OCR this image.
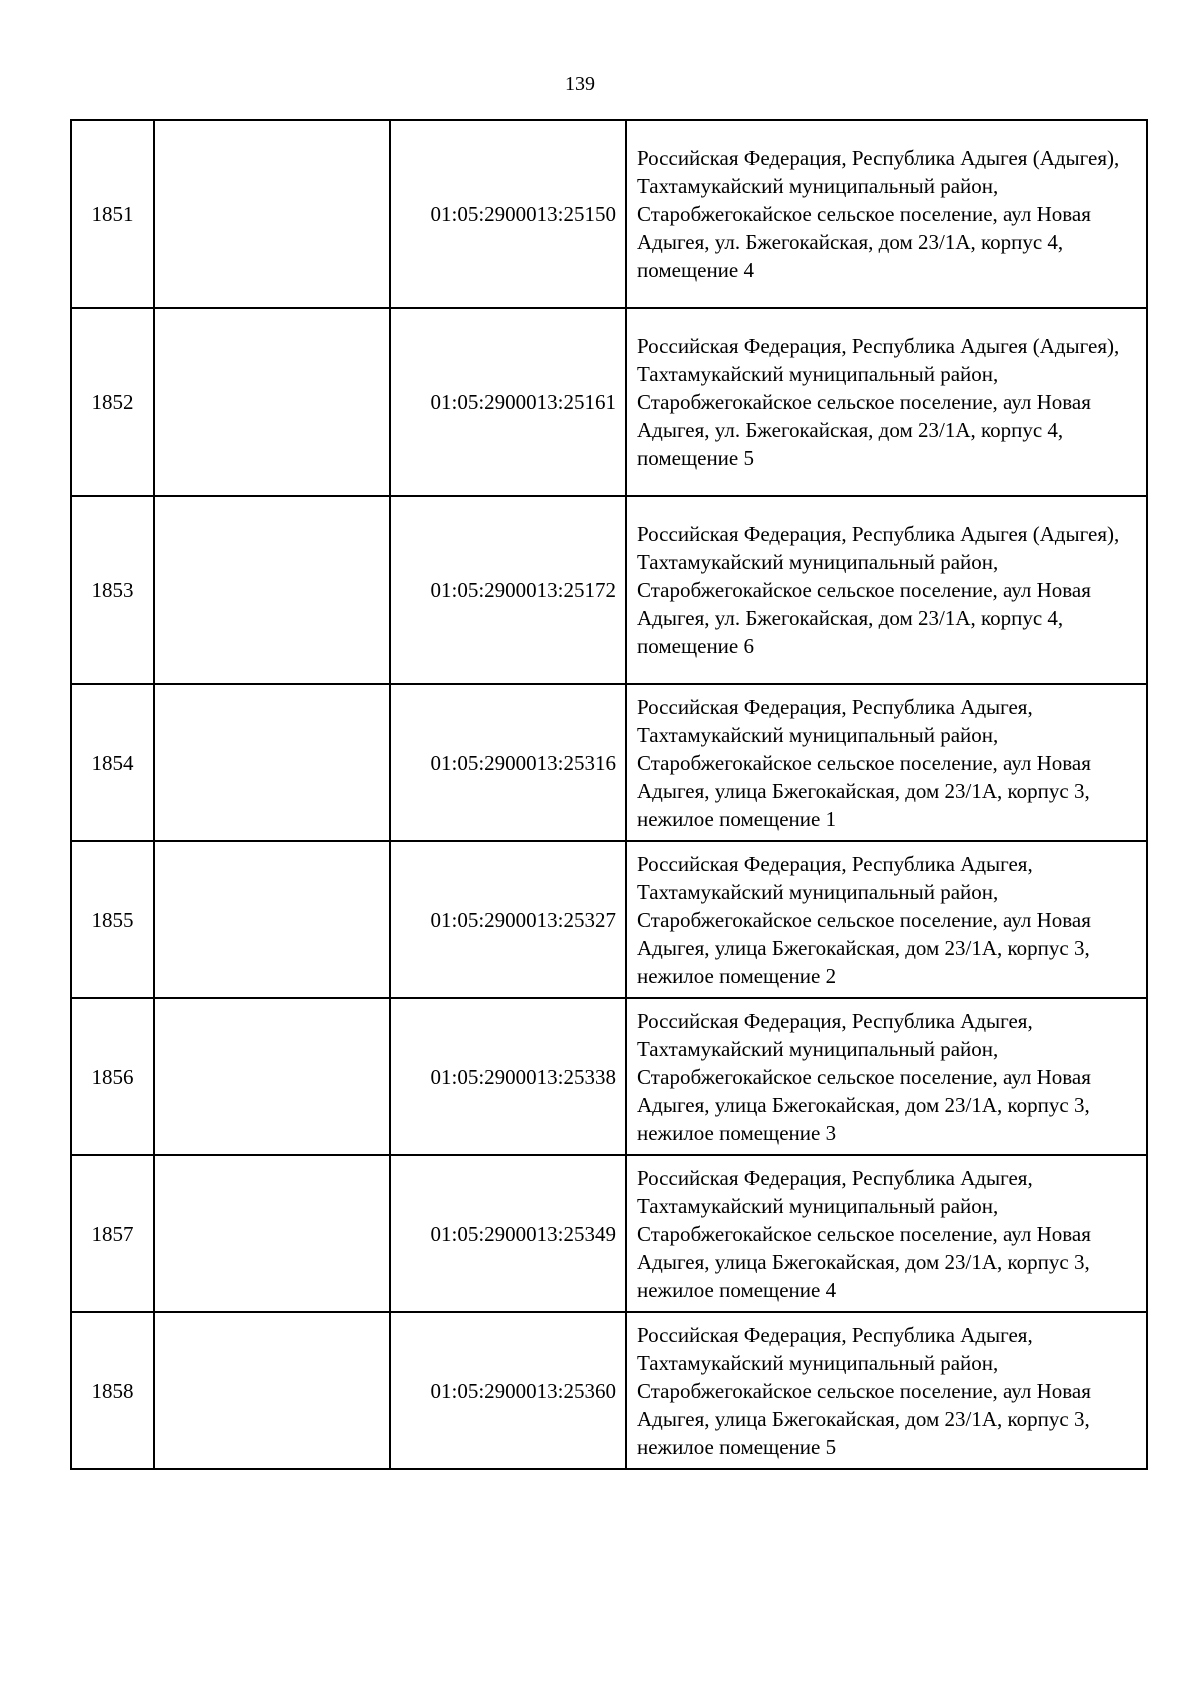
139
1851		01:05:2900013:25150	Российская Федерация, Республика Адыгея (Адыгея), Тахтамукайский муниципальный район, Старобжегокайское сельское поселение, аул Новая Адыгея, ул. Бжегокайская, дом 23/1А, корпус 4, помещение 4
1852		01:05:2900013:25161	Российская Федерация, Республика Адыгея (Адыгея), Тахтамукайский муниципальный район, Старобжегокайское сельское поселение, аул Новая Адыгея, ул. Бжегокайская, дом 23/1А, корпус 4, помещение 5
1853		01:05:2900013:25172	Российская Федерация, Республика Адыгея (Адыгея), Тахтамукайский муниципальный район, Старобжегокайское сельское поселение, аул Новая Адыгея, ул. Бжегокайская, дом 23/1А, корпус 4, помещение 6
1854		01:05:2900013:25316	Российская Федерация, Республика Адыгея, Тахтамукайский муниципальный район, Старобжегокайское сельское поселение, аул Новая Адыгея, улица Бжегокайская, дом 23/1А, корпус 3, нежилое помещение 1
1855		01:05:2900013:25327	Российская Федерация, Республика Адыгея, Тахтамукайский муниципальный район, Старобжегокайское сельское поселение, аул Новая Адыгея, улица Бжегокайская, дом 23/1А, корпус 3, нежилое помещение 2
1856		01:05:2900013:25338	Российская Федерация, Республика Адыгея, Тахтамукайский муниципальный район, Старобжегокайское сельское поселение, аул Новая Адыгея, улица Бжегокайская, дом 23/1А, корпус 3, нежилое помещение 3
1857		01:05:2900013:25349	Российская Федерация, Республика Адыгея, Тахтамукайский муниципальный район, Старобжегокайское сельское поселение, аул Новая Адыгея, улица Бжегокайская, дом 23/1А, корпус 3, нежилое помещение 4
1858		01:05:2900013:25360	Российская Федерация, Республика Адыгея, Тахтамукайский муниципальный район, Старобжегокайское сельское поселение, аул Новая Адыгея, улица Бжегокайская, дом 23/1А, корпус 3, нежилое помещение 5
